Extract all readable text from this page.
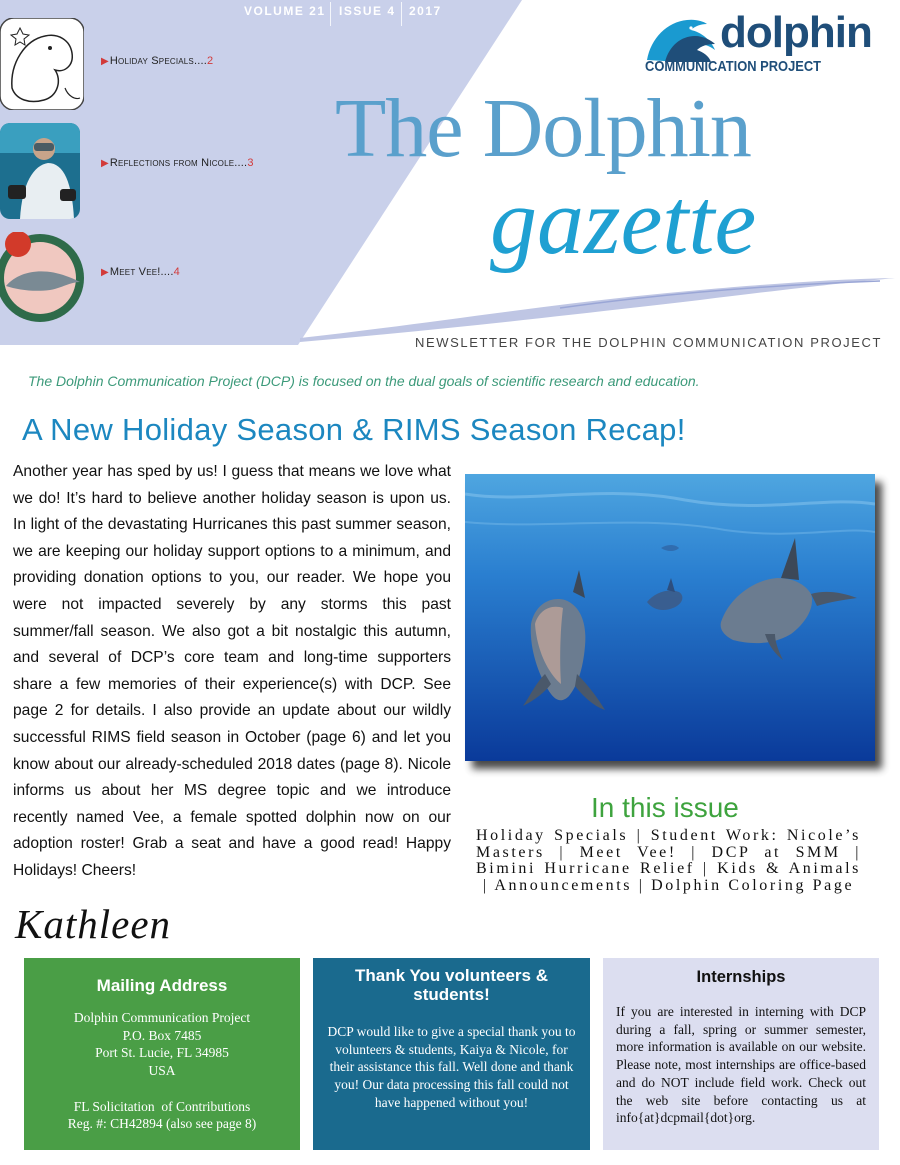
VOLUME 21 ISSUE 4 2017
▶Holiday Specials....2
▶Reflections from Nicole....3
▶Meet Vee!....4
dolphin
COMMUNICATION PROJECT
The Dolphin
gazette
NEWSLETTER FOR THE DOLPHIN COMMUNICATION PROJECT
The Dolphin Communication Project (DCP) is focused on the dual goals of scientific research and education.
A New Holiday Season & RIMS Season Recap!
Another year has sped by us! I guess that means we love what we do! It’s hard to believe another holiday season is upon us. In light of the devastating Hurricanes this past summer season, we are keeping our holiday support options to a minimum, and providing donation options to you, our reader. We hope you were not impacted severely by any storms this past summer/fall season. We also got a bit nostalgic this autumn, and several of DCP’s core team and long-time supporters share a few memories of their experience(s) with DCP. See page 2 for details. I also provide an update about our wildly successful RIMS field season in October (page 6) and let you know about our already-scheduled 2018 dates (page 8). Nicole informs us about her MS degree topic and we introduce recently named Vee, a female spotted dolphin now on our adoption roster! Grab a seat and have a good read! Happy Holidays! Cheers!
Kathleen
In this issue
Holiday Specials | Student Work: Nicole’s Masters | Meet Vee! | DCP at SMM | Bimini Hurricane Relief | Kids & Animals | Announcements | Dolphin Coloring Page
Mailing Address
Dolphin Communication Project
P.O. Box 7485
Port St. Lucie, FL 34985
USA
FL Solicitation  of Contributions
Reg. #: CH42894 (also see page 8)
Thank You volunteers & students!
DCP would like to give a special thank you to volunteers & students, Kaiya & Nicole, for their assistance this fall. Well done and thank you! Our data processing this fall could not have happened without you!
Internships
If you are interested in interning with DCP during a fall, spring or summer semester, more information is available on our website. Please note, most internships are office-based and do NOT include field work. Check out the web site before contacting us at info{at}dcpmail{dot}org.
